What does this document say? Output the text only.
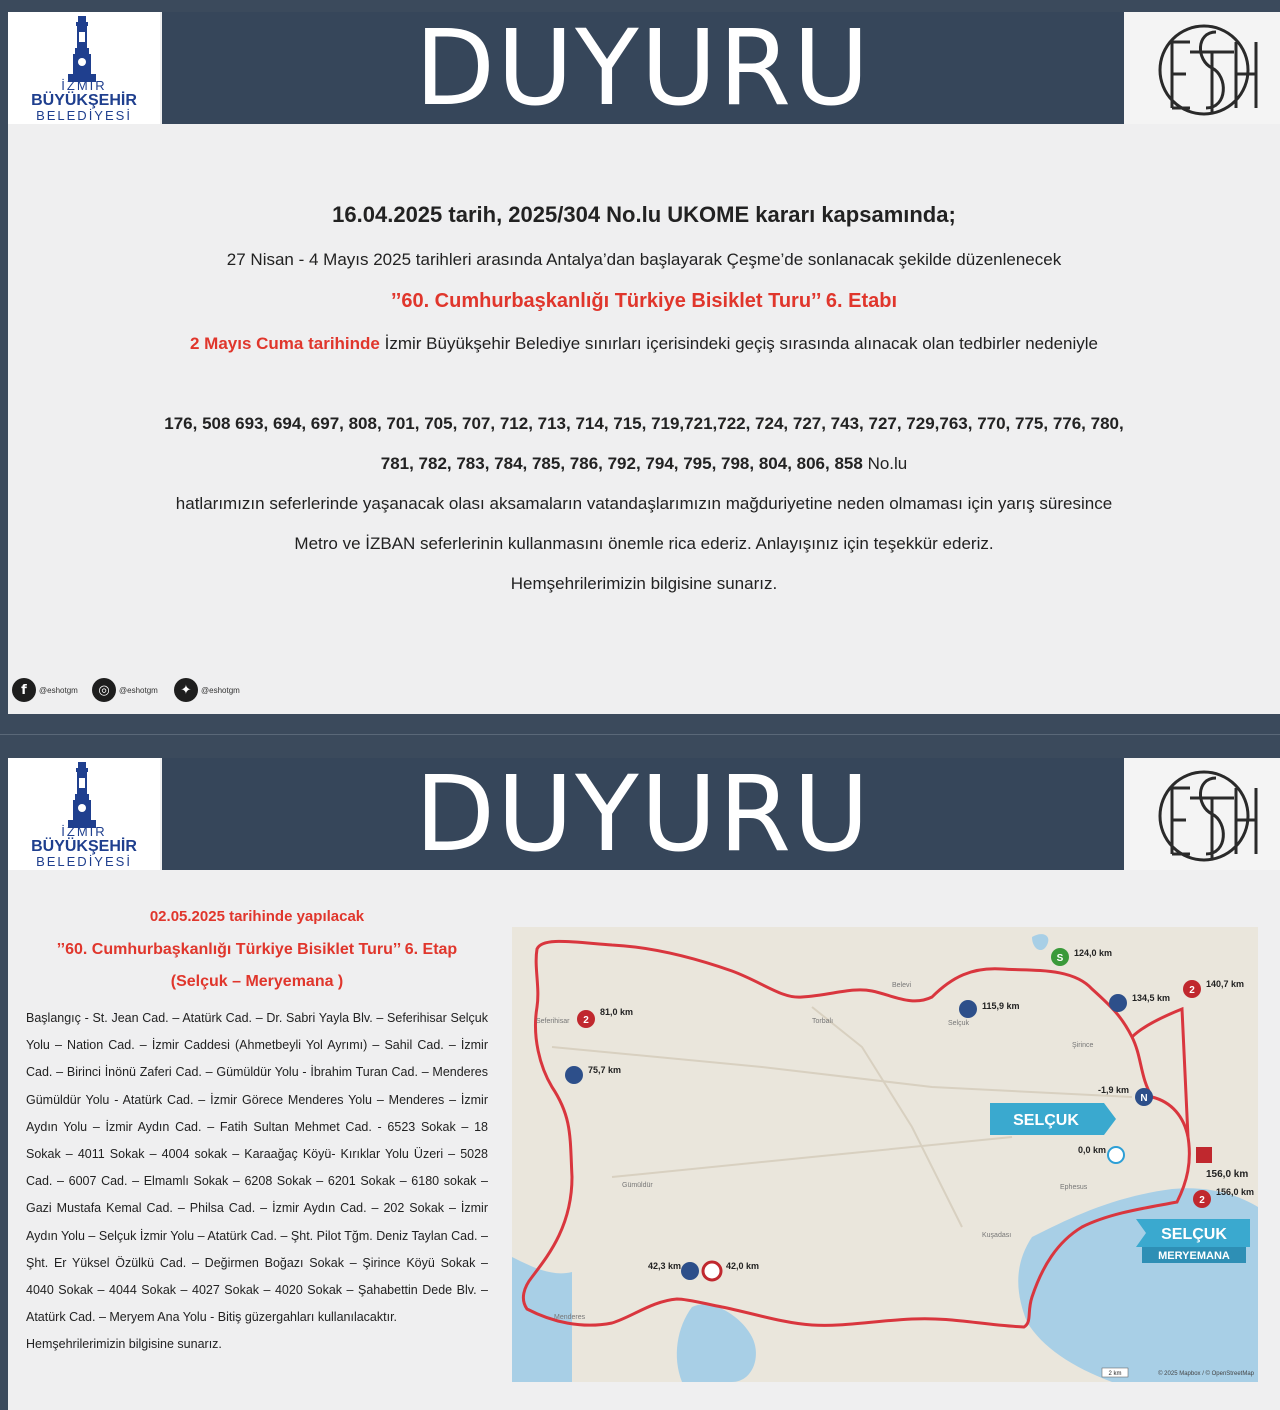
İZMİR
BÜYÜKŞEHİR
BELEDİYESİ	DUYURU
16.04.2025 tarih, 2025/304 No.lu UKOME kararı kapsamında;
27 Nisan - 4 Mayıs 2025 tarihleri arasında Antalya’dan başlayarak Çeşme’de sonlanacak şekilde düzenlenecek
’’60. Cumhurbaşkanlığı Türkiye Bisiklet Turu’’ 6. Etabı
2 Mayıs Cuma tarihinde İzmir Büyükşehir Belediye sınırları içerisindeki geçiş sırasında alınacak olan tedbirler nedeniyle
176, 508 693, 694, 697, 808, 701, 705, 707, 712, 713, 714, 715, 719,721,722, 724, 727, 743, 727, 729,763, 770, 775, 776, 780,
781, 782, 783, 784, 785, 786, 792, 794, 795, 798, 804, 806, 858 No.lu
hatlarımızın seferlerinde yaşanacak olası aksamaların vatandaşlarımızın mağduriyetine neden olmaması için yarış süresince
Metro ve İZBAN seferlerinin kullanmasını önemle rica ederiz. Anlayışınız için teşekkür ederiz.
Hemşehrilerimizin bilgisine sunarız.
f	@eshotgm	◎	@eshotgm	✦	@eshotgm
İZMİR
BÜYÜKŞEHİR
BELEDİYESİ	DUYURU
02.05.2025 tarihinde yapılacak
’’60. Cumhurbaşkanlığı Türkiye Bisiklet Turu’’ 6. Etap
(Selçuk – Meryemana )
Başlangıç - St. Jean Cad. – Atatürk Cad. – Dr. Sabri Yayla Blv. – Seferihisar Selçuk Yolu – Nation Cad. – İzmir Caddesi (Ahmetbeyli Yol Ayrımı) – Sahil Cad. – İzmir Cad. – Birinci İnönü Zaferi Cad. – Gümüldür Yolu - İbrahim Turan Cad. – Menderes Gümüldür Yolu - Atatürk Cad. – İzmir Görece Menderes Yolu – Menderes – İzmir Aydın Yolu – İzmir Aydın Cad. – Fatih Sultan Mehmet Cad. - 6523 Sokak – 18 Sokak – 4011 Sokak – 4004 sokak – Karaağaç Köyü- Kırıklar Yolu Üzeri – 5028 Cad. – 6007 Cad. – Elmamlı Sokak – 6208 Sokak – 6201 Sokak – 6180 sokak – Gazi Mustafa Kemal Cad. – Philsa Cad. – İzmir Aydın Cad. – 202 Sokak – İzmir Aydın Yolu – Selçuk İzmir Yolu – Atatürk Cad. – Şht. Pilot Tğm. Deniz Taylan Cad. – Şht. Er Yüksel Özülkü Cad. – Değirmen Boğazı Sokak – Şirince Köyü Sokak – 4040 Sokak – 4044 Sokak – 4027 Sokak – 4020 Sokak – Şahabettin Dede Blv. – Atatürk Cad. – Meryem Ana Yolu - Bitiş güzergahları kullanılacaktır.
Hemşehrilerimizin bilgisine sunarız.
S 124,0 km
115,9 km
134,5 km
2
140,7 km
2
81,0 km
75,7 km
N
-1,9 km
0,0 km
156,0 km
2
156,0 km
42,3 km	42,0 km
SELÇUK
SELÇUK
MERYEMANA
Menderes
Selçuk
Ephesus
Seferihisar
Kuşadası
Gümüldür
Torbalı
Belevi
Şirince
2 km	© 2025 Mapbox / © OpenStreetMap
